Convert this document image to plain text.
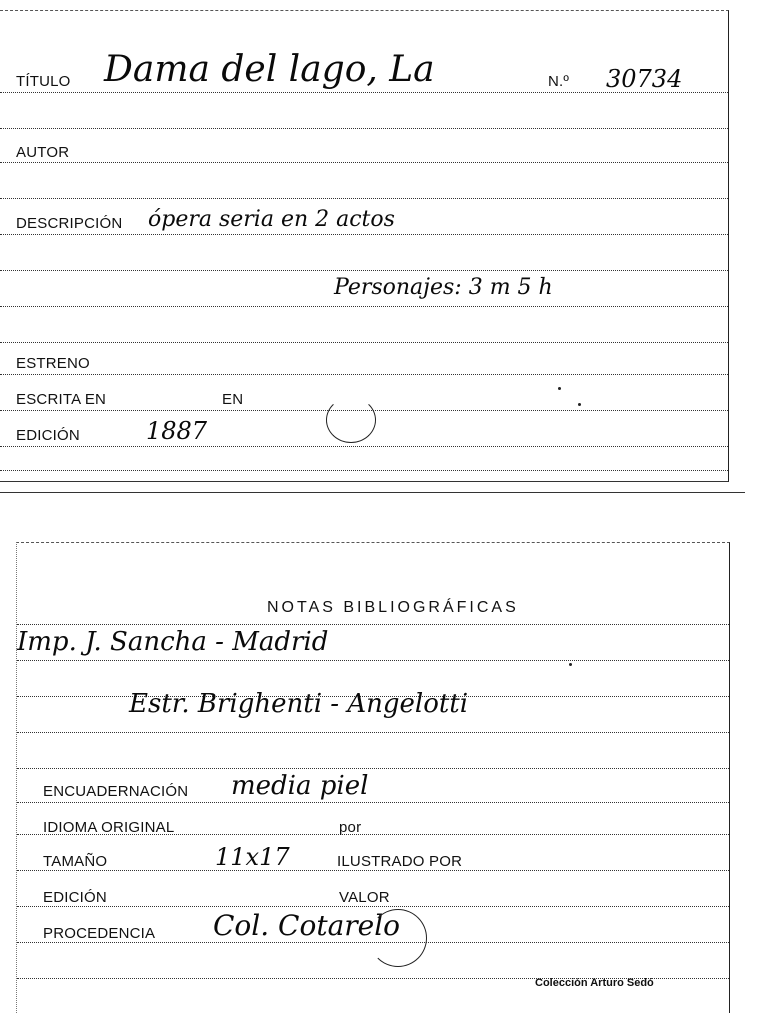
TÍTULO Dama del lago, La	N.º 30734
AUTOR
DESCRIPCIÓN ópera seria en 2 actos
Personajes: 3 m 5 h
ESTRENO
ESCRITA EN	EN
EDICIÓN	1887
NOTAS BIBLIOGRÁFICAS
Imp. J. Sancha - Madrid
Estr. Brighenti - Angelotti
ENCUADERNACIÓN media piel
IDIOMA ORIGINAL	por
TAMAÑO	11x17	ILUSTRADO POR
EDICIÓN	VALOR
PROCEDENCIA Col. Cotarelo
Colección Arturo Sedó
